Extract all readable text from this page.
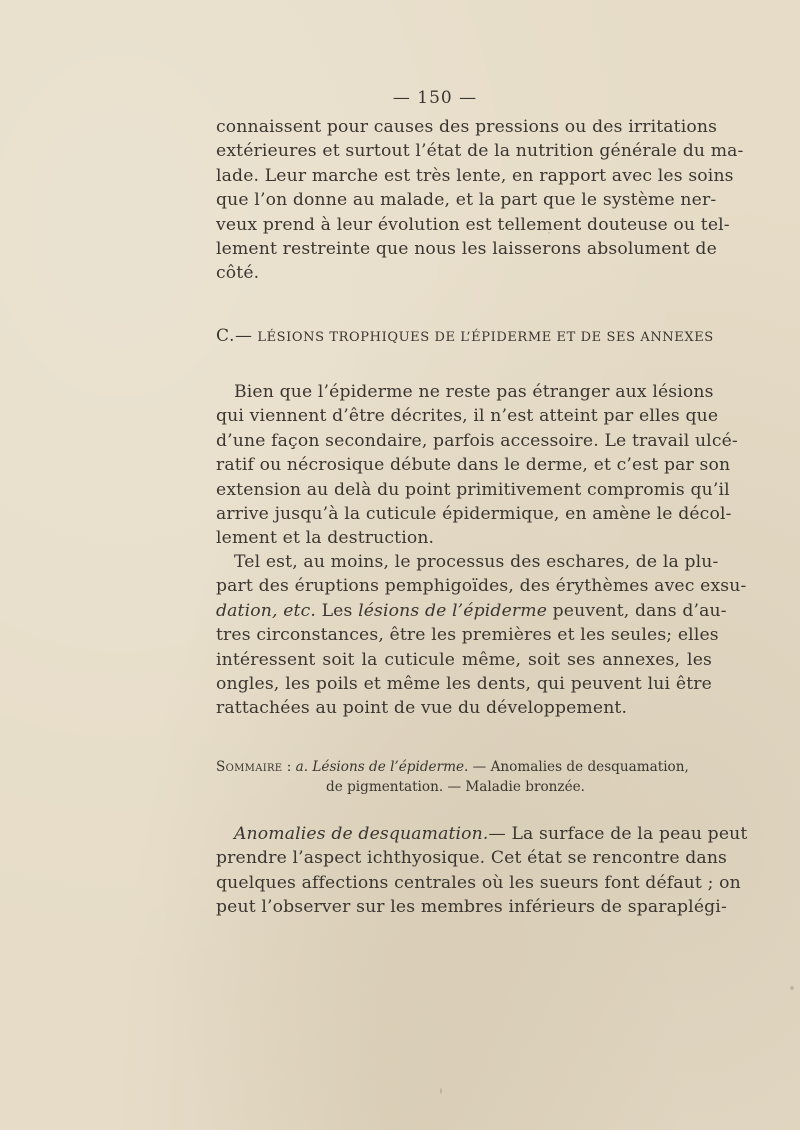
— 150 —
connaissent pour causes des pressions ou des irritations
extérieures et surtout l’état de la nutrition générale du ma-
lade. Leur marche est très lente, en rapport avec les soins
que l’on donne au malade, et la part que le système ner-
veux prend à leur évolution est tellement douteuse ou tel-
lement restreinte que nous les laisserons absolument de
côté.
C.— LÉSIONS TROPHIQUES DE L’ÉPIDERME ET DE SES ANNEXES
Bien que l’épiderme ne reste pas étranger aux lésions
qui viennent d’être décrites, il n’est atteint par elles que
d’une façon secondaire, parfois accessoire. Le travail ulcé-
ratif ou nécrosique débute dans le derme, et c’est par son
extension au delà du point primitivement compromis qu’il
arrive jusqu’à la cuticule épidermique, en amène le décol-
lement et la destruction.
Tel est, au moins, le processus des eschares, de la plu-
part des éruptions pemphigoïdes, des érythèmes avec exsu-
dation, etc. Les lésions de l’épiderme peuvent, dans d’au-
tres circonstances, être les premières et les seules; elles
intéressent soit la cuticule même, soit ses annexes, les
ongles, les poils et même les dents, qui peuvent lui être
rattachées au point de vue du développement.
Sommaire : a. Lésions de l’épiderme. — Anomalies de desquamation,
de pigmentation. — Maladie bronzée.
Anomalies de desquamation.— La surface de la peau peut
prendre l’aspect ichthyosique. Cet état se rencontre dans
quelques affections centrales où les sueurs font défaut ; on
peut l’observer sur les membres inférieurs de sparaplégi-
